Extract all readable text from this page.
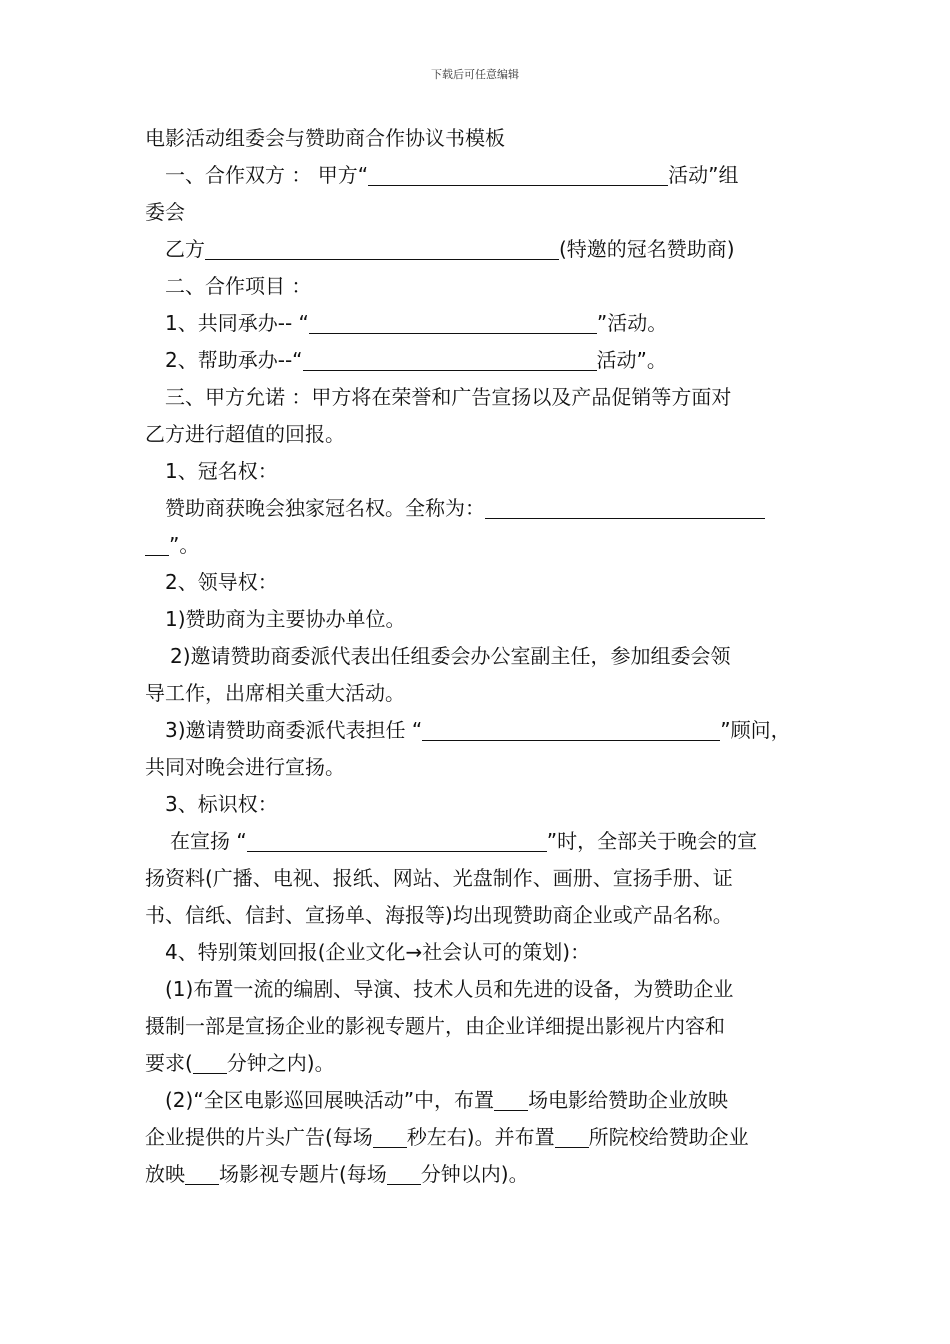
下载后可任意编辑
电影活动组委会与赞助商合作协议书模板
一、合作双方 ： 甲方“	活动”组
委会
乙方	(特邀的冠名赞助商)
二、合作项目 ：
1、共同承办-- “	”活动。
2、帮助承办--“	活动”。
三、甲方允诺 ：甲方将在荣誉和广告宣扬以及产品促销等方面对
乙方进行超值的回报。
1、冠名权：
赞助商获晚会独家冠名权。全称为：
”。
2、领导权：
1)赞助商为主要协办单位。
2)邀请赞助商委派代表出任组委会办公室副主任，参加组委会领
导工作，出席相关重大活动。
3)邀请赞助商委派代表担任 “	”顾问，
共同对晚会进行宣扬。
3、标识权：
在宣扬 “	”时，全部关于晚会的宣
扬资料(广播、电视、报纸、网站、光盘制作、画册、宣扬手册、证
书、信纸、信封、宣扬单、海报等)均出现赞助商企业或产品名称。
4、特别策划回报(企业文化→社会认可的策划)：
(1)布置一流的编剧、导演、技术人员和先进的设备，为赞助企业
摄制一部是宣扬企业的影视专题片，由企业详细提出影视片内容和
要求( 分钟之内)。
(2)“全区电影巡回展映活动”中，布置 场电影给赞助企业放映
企业提供的片头广告(每场 秒左右)。并布置 所院校给赞助企业
放映 场影视专题片(每场 分钟以内)。
